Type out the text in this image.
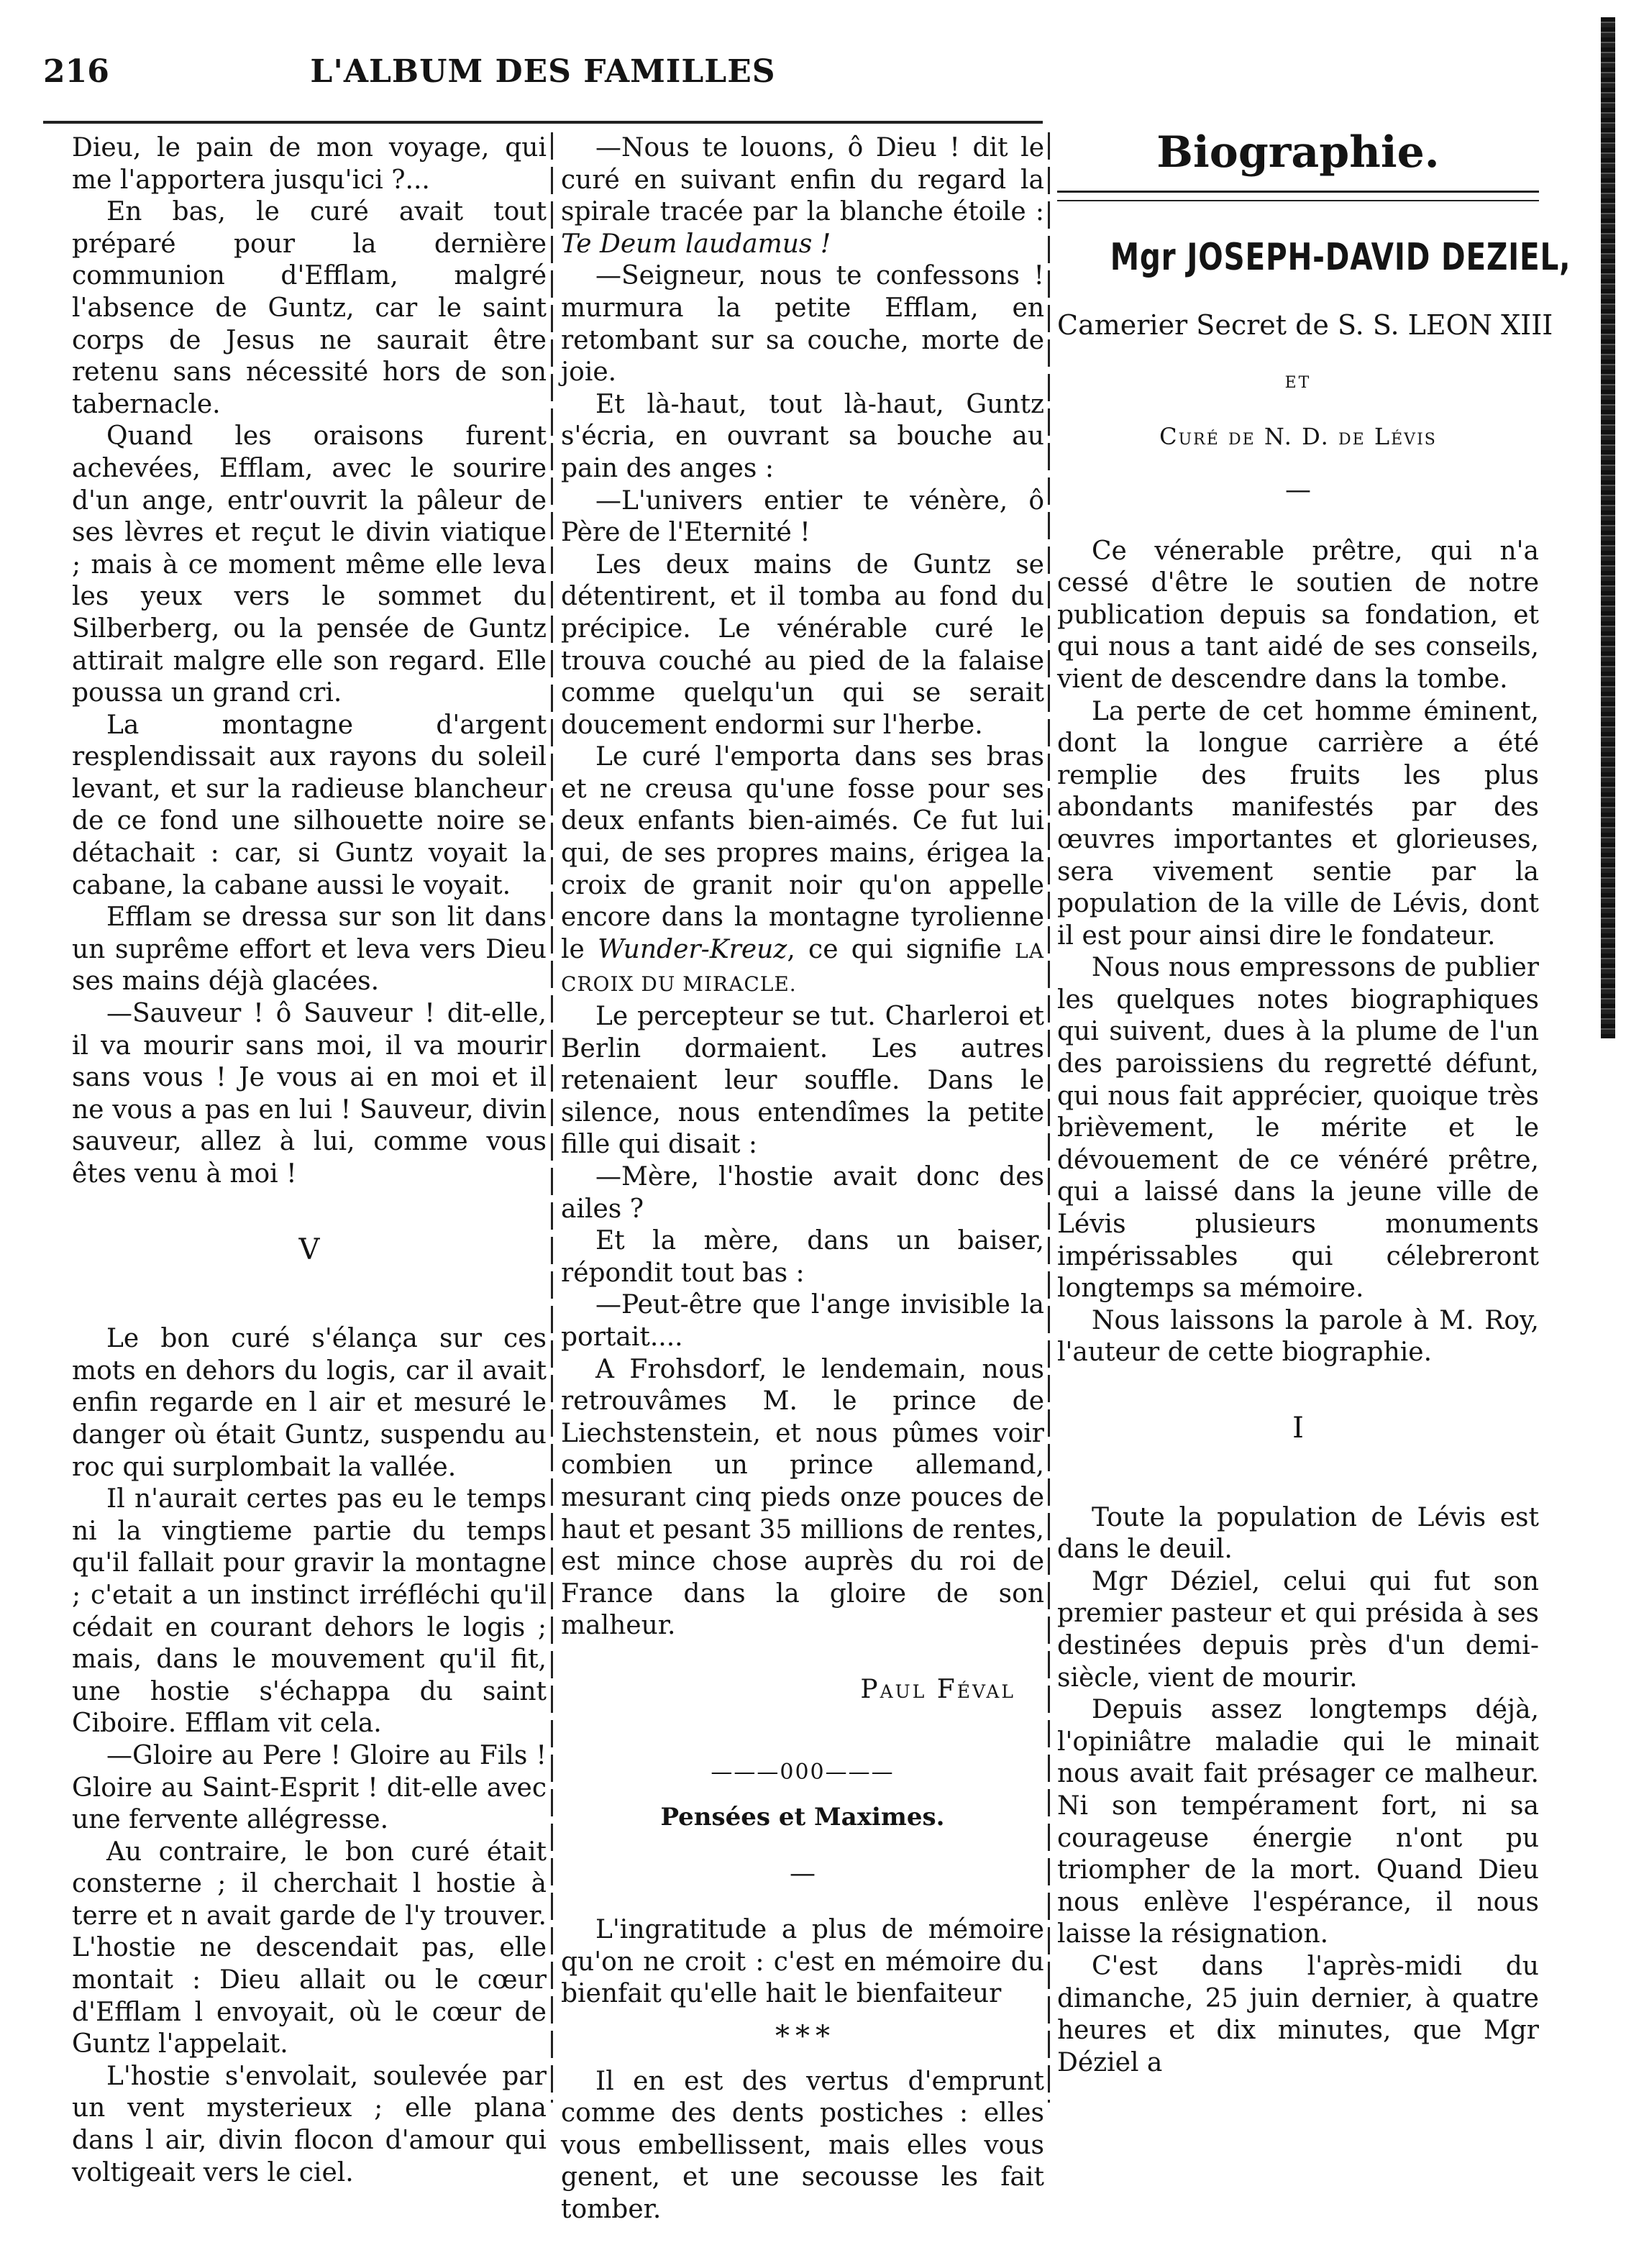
216	L'ALBUM DES FAMILLES

Dieu, le pain de mon voyage, qui me l'apportera jusqu'ici ?...

En bas, le curé avait tout préparé pour la dernière communion d'Efflam, malgré l'absence de Guntz, car le saint corps de Jesus ne saurait être retenu sans nécessité hors de son tabernacle.

Quand les oraisons furent achevées, Efflam, avec le sourire d'un ange, entr'ouvrit la pâleur de ses lèvres et reçut le divin viatique ; mais à ce moment même elle leva les yeux vers le sommet du Silberberg, ou la pensée de Guntz attirait malgre elle son regard. Elle poussa un grand cri.

La montagne d'argent resplendissait aux rayons du soleil levant, et sur la radieuse blancheur de ce fond une silhouette noire se détachait : car, si Guntz voyait la cabane, la cabane aussi le voyait.

Efflam se dressa sur son lit dans un suprême effort et leva vers Dieu ses mains déjà glacées.

—Sauveur ! ô Sauveur ! dit-elle, il va mourir sans moi, il va mourir sans vous ! Je vous ai en moi et il ne vous a pas en lui ! Sauveur, divin sauveur, allez à lui, comme vous êtes venu à moi !

V

Le bon curé s'élança sur ces mots en dehors du logis, car il avait enfin regarde en l air et mesuré le danger où était Guntz, suspendu au roc qui surplombait la vallée.

Il n'aurait certes pas eu le temps ni la vingtieme partie du temps qu'il fallait pour gravir la montagne ; c'etait a un instinct irréfléchi qu'il cédait en courant dehors le logis ; mais, dans le mouvement qu'il fit, une hostie s'échappa du saint Ciboire. Efflam vit cela.

—Gloire au Pere ! Gloire au Fils ! Gloire au Saint-Esprit ! dit-elle avec une fervente allégresse.

Au contraire, le bon curé était consterne ; il cherchait l hostie à terre et n avait garde de l'y trouver. L'hostie ne descendait pas, elle montait : Dieu allait ou le cœur d'Efflam l envoyait, où le cœur de Guntz l'appelait.

L'hostie s'envolait, soulevée par un vent mysterieux ; elle plana dans l air, divin flocon d'amour qui voltigeait vers le ciel.

—Nous te louons, ô Dieu ! dit le curé en suivant enfin du regard la spirale tracée par la blanche étoile : Te Deum laudamus !

—Seigneur, nous te confessons ! murmura la petite Efflam, en retombant sur sa couche, morte de joie.

Et là-haut, tout là-haut, Guntz s'écria, en ouvrant sa bouche au pain des anges :

—L'univers entier te vénère, ô Père de l'Eternité !

Les deux mains de Guntz se détentirent, et il tomba au fond du précipice. Le vénérable curé le trouva couché au pied de la falaise comme quelqu'un qui se serait doucement endormi sur l'herbe.

Le curé l'emporta dans ses bras et ne creusa qu'une fosse pour ses deux enfants bien-aimés. Ce fut lui qui, de ses propres mains, érigea la croix de granit noir qu'on appelle encore dans la montagne tyrolienne le Wunder-Kreuz, ce qui signifie LA CROIX DU MIRACLE.

Le percepteur se tut. Charleroi et Berlin dormaient. Les autres retenaient leur souffle. Dans le silence, nous entendîmes la petite fille qui disait :

—Mère, l'hostie avait donc des ailes ?

Et la mère, dans un baiser, répondit tout bas :

—Peut-être que l'ange invisible la portait....

A Frohsdorf, le lendemain, nous retrouvâmes M. le prince de Liechstenstein, et nous pûmes voir combien un prince allemand, mesurant cinq pieds onze pouces de haut et pesant 35 millions de rentes, est mince chose auprès du roi de France dans la gloire de son malheur.

Paul Féval
———000———
Pensées et Maximes.
—

L'ingratitude a plus de mémoire qu'on ne croit : c'est en mémoire du bienfait qu'elle hait le bienfaiteur

* * *

Il en est des vertus d'emprunt comme des dents postiches : elles vous embellissent, mais elles vous genent, et une secousse les fait tomber.

Biographie.
Mgr JOSEPH-DAVID DEZIEL,
Camerier Secret de S. S. LEON XIII
ET
Curé de N. D. de Lévis
—

Ce vénerable prêtre, qui n'a cessé d'être le soutien de notre publication depuis sa fondation, et qui nous a tant aidé de ses conseils, vient de descendre dans la tombe.

La perte de cet homme éminent, dont la longue carrière a été remplie des fruits les plus abondants manifestés par des œuvres importantes et glorieuses, sera vivement sentie par la population de la ville de Lévis, dont il est pour ainsi dire le fondateur.

Nous nous empressons de publier les quelques notes biographiques qui suivent, dues à la plume de l'un des paroissiens du regretté défunt, qui nous fait apprécier, quoique très brièvement, le mérite et le dévouement de ce vénéré prêtre, qui a laissé dans la jeune ville de Lévis plusieurs monuments impérissables qui célebreront longtemps sa mémoire.

Nous laissons la parole à M. Roy, l'auteur de cette biographie.

I

Toute la population de Lévis est dans le deuil.

Mgr Déziel, celui qui fut son premier pasteur et qui présida à ses destinées depuis près d'un demi-siècle, vient de mourir.

Depuis assez longtemps déjà, l'opiniâtre maladie qui le minait nous avait fait présager ce malheur. Ni son tempérament fort, ni sa courageuse énergie n'ont pu triompher de la mort. Quand Dieu nous enlève l'espérance, il nous laisse la résignation.

C'est dans l'après-midi du dimanche, 25 juin dernier, à quatre heures et dix minutes, que Mgr Déziel a
